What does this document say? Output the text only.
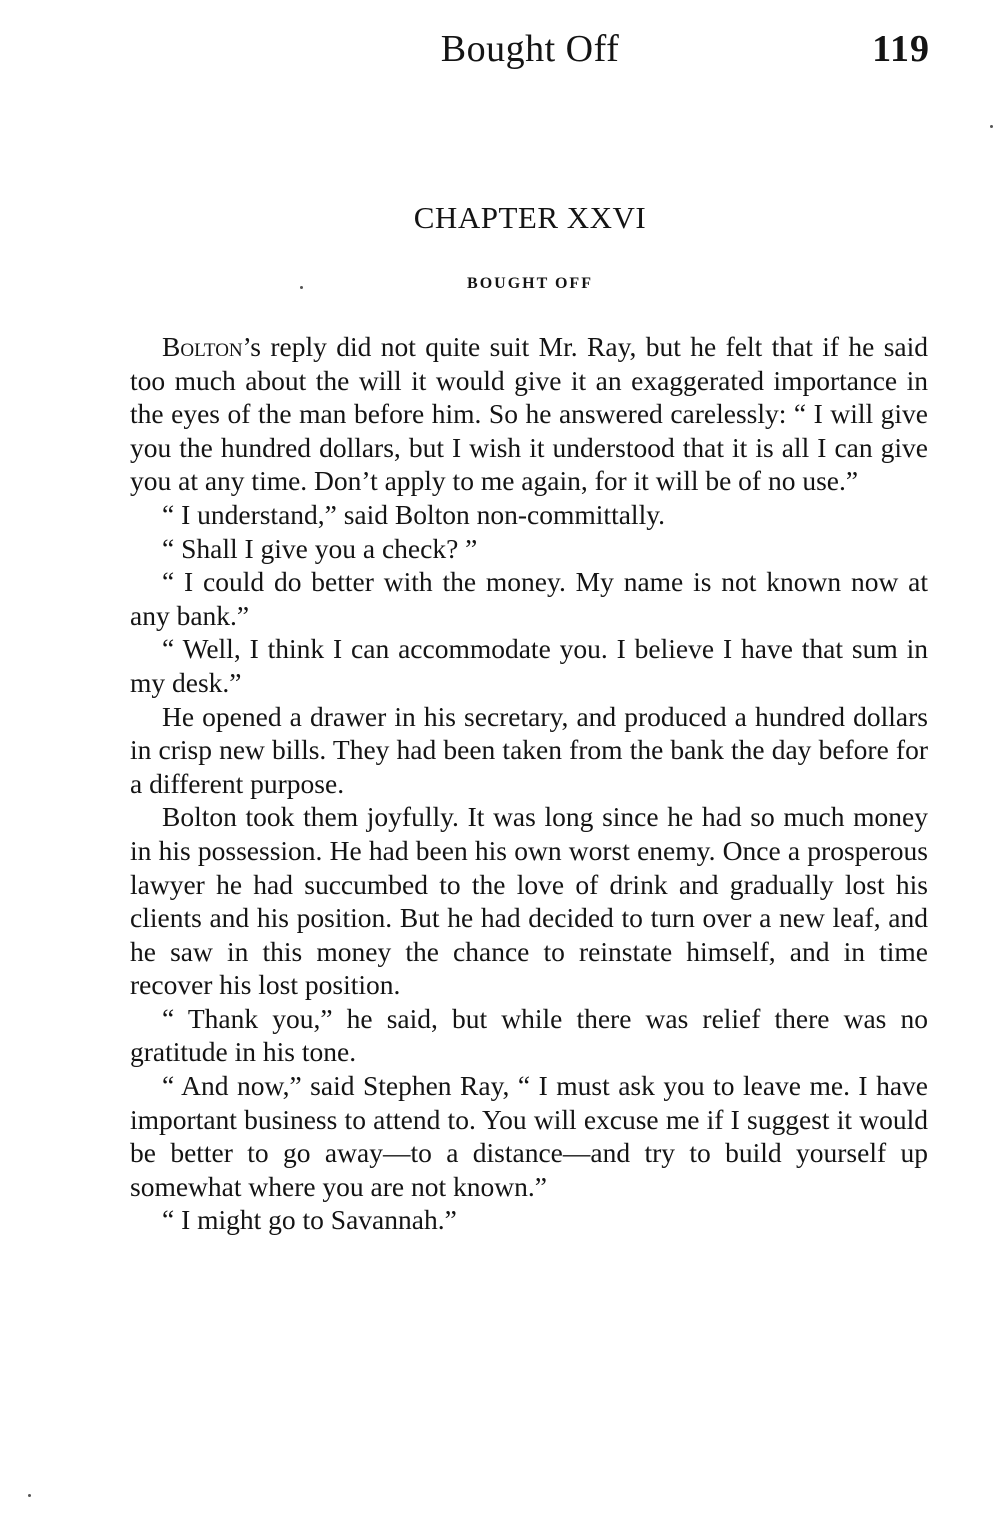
Bought Off	119
CHAPTER XXVI
BOUGHT OFF

Bolton’s reply did not quite suit Mr. Ray, but he felt that if he said too much about the will it would give it an exaggerated importance in the eyes of the man before him. So he answered carelessly: “ I will give you the hundred dollars, but I wish it understood that it is all I can give you at any time. Don’t apply to me again, for it will be of no use.”

“ I understand,” said Bolton non-committally.

“ Shall I give you a check? ”

“ I could do better with the money. My name is not known now at any bank.”

“ Well, I think I can accommodate you. I believe I have that sum in my desk.”

He opened a drawer in his secretary, and produced a hundred dollars in crisp new bills. They had been taken from the bank the day before for a different purpose.

Bolton took them joyfully. It was long since he had so much money in his possession. He had been his own worst enemy. Once a prosperous lawyer he had succumbed to the love of drink and gradually lost his clients and his position. But he had decided to turn over a new leaf, and he saw in this money the chance to reinstate himself, and in time recover his lost position.

“ Thank you,” he said, but while there was relief there was no gratitude in his tone.

“ And now,” said Stephen Ray, “ I must ask you to leave me. I have important business to attend to. You will excuse me if I suggest it would be better to go away—to a distance—and try to build yourself up somewhat where you are not known.”

“ I might go to Savannah.”
